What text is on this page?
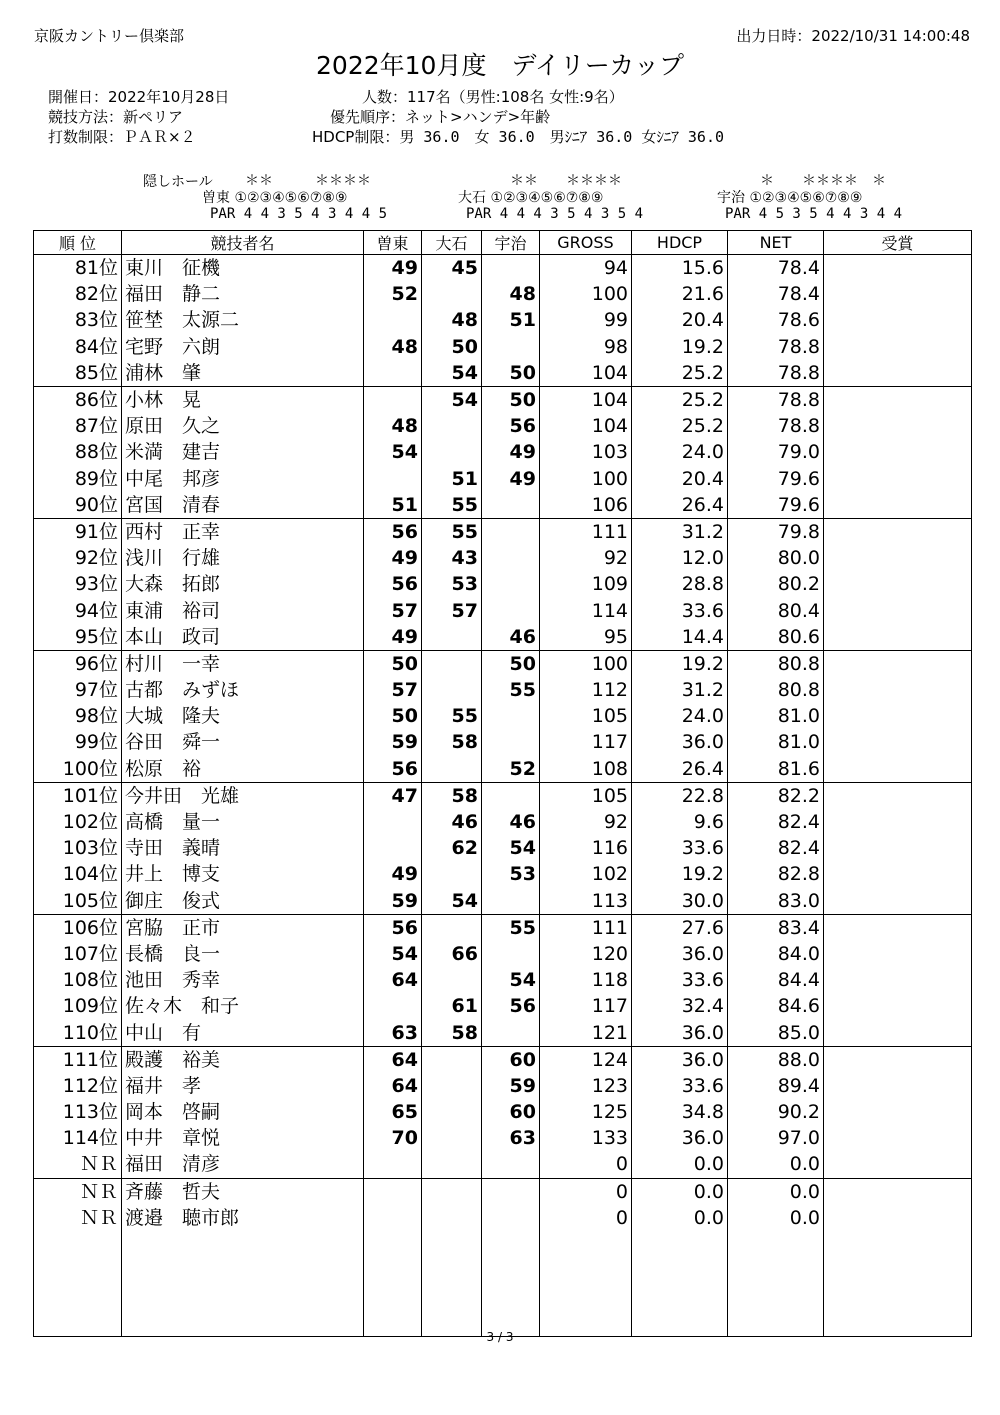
京阪カントリー倶楽部	出力日時：2022/10/31 14:00:48
2022年10月度　デイリーカップ
開催日：2022年10月28日
競技方法：新ペリア
打数制限：ＰＡＲ×２
人数：117名（男性:108名 女性:9名）
優先順序：ネット>ハンデ>年齢
HDCP制限：男 36.0　女 36.0　男ｼﾆｱ 36.0 女ｼﾆｱ 36.0
隠しホール ＊＊　　　＊＊＊＊	＊＊　　＊＊＊＊	＊　　＊＊＊＊　＊
曽東 ①②③④⑤⑥⑦⑧⑨	大石 ①②③④⑤⑥⑦⑧⑨	宇治 ①②③④⑤⑥⑦⑧⑨
PAR 4 4 3 5 4 3 4 4 5	PAR 4 4 4 3 5 4 3 5 4	PAR 4 5 3 5 4 4 3 4 4
順 位	競技者名	曽東	大石	宇治	GROSS	HDCP	NET	受賞
81位	東川　征機	49	45		94	15.6	78.4	
82位	福田　静二	52		48	100	21.6	78.4	
83位	笹埜　太源二		48	51	99	20.4	78.6	
84位	宅野　六朗	48	50		98	19.2	78.8	
85位	浦林　肇		54	50	104	25.2	78.8	
86位	小林　晃		54	50	104	25.2	78.8	
87位	原田　久之	48		56	104	25.2	78.8	
88位	米満　建吉	54		49	103	24.0	79.0	
89位	中尾　邦彦		51	49	100	20.4	79.6	
90位	宮国　清春	51	55		106	26.4	79.6	
91位	西村　正幸	56	55		111	31.2	79.8	
92位	浅川　行雄	49	43		92	12.0	80.0	
93位	大森　拓郎	56	53		109	28.8	80.2	
94位	東浦　裕司	57	57		114	33.6	80.4	
95位	本山　政司	49		46	95	14.4	80.6	
96位	村川　一幸	50		50	100	19.2	80.8	
97位	古都　みずほ	57		55	112	31.2	80.8	
98位	大城　隆夫	50	55		105	24.0	81.0	
99位	谷田　舜一	59	58		117	36.0	81.0	
100位	松原　裕	56		52	108	26.4	81.6	
101位	今井田　光雄	47	58		105	22.8	82.2	
102位	高橋　量一		46	46	92	9.6	82.4	
103位	寺田　義晴		62	54	116	33.6	82.4	
104位	井上　博支	49		53	102	19.2	82.8	
105位	御庄　俊式	59	54		113	30.0	83.0	
106位	宮脇　正市	56		55	111	27.6	83.4	
107位	長橋　良一	54	66		120	36.0	84.0	
108位	池田　秀幸	64		54	118	33.6	84.4	
109位	佐々木　和子		61	56	117	32.4	84.6	
110位	中山　有	63	58		121	36.0	85.0	
111位	殿護　裕美	64		60	124	36.0	88.0	
112位	福井　孝	64		59	123	33.6	89.4	
113位	岡本　啓嗣	65		60	125	34.8	90.2	
114位	中井　章悦	70		63	133	36.0	97.0	
ＮＲ	福田　清彦				0	0.0	0.0	
ＮＲ	斉藤　哲夫				0	0.0	0.0	
ＮＲ	渡邉　聴市郎				0	0.0	0.0	

3 / 3
